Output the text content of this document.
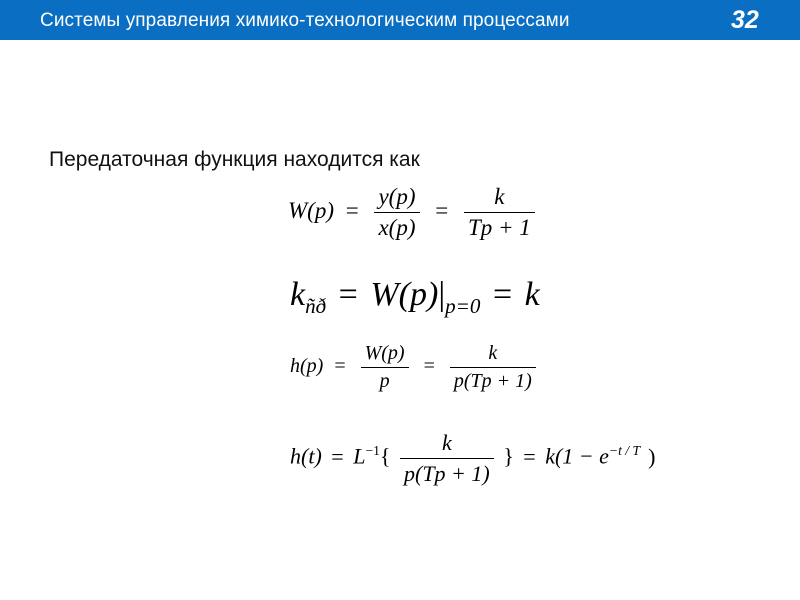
Системы управления химико-технологическим процессами	32
Передаточная функция находится как
$W(p) = \frac{y(p)}{x(p)} = \frac{k}{Tp + 1}$
$k_{ñð} = W(p)|_{p=0} = k$
$h(p) = \frac{W(p)}{p} = \frac{k}{p(Tp + 1)}$
$h(t) = L^{-1}\{ \frac{k}{p(Tp + 1)}$ } = $k(1 - e^{-t / T}$ )
